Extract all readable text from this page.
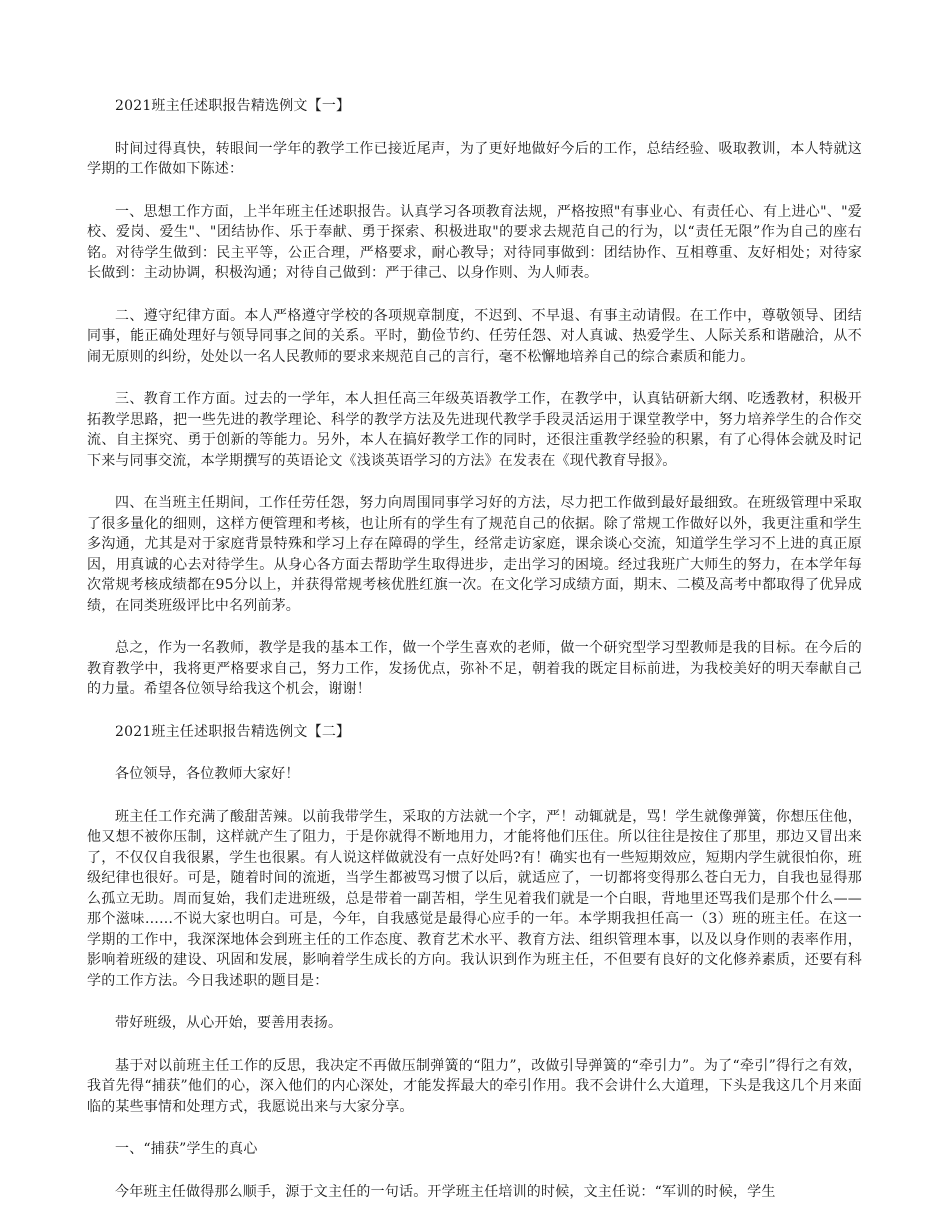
2021班主任述职报告精选例文【一】

时间过得真快，转眼间一学年的教学工作已接近尾声，为了更好地做好今后的工作，总结经验、吸取教训，本人特就这学期的工作做如下陈述：

一、思想工作方面，上半年班主任述职报告。认真学习各项教育法规，严格按照"有事业心、有责任心、有上进心"、"爱校、爱岗、爱生"、"团结协作、乐于奉献、勇于探索、积极进取"的要求去规范自己的行为，以“责任无限”作为自己的座右铭。对待学生做到：民主平等，公正合理，严格要求，耐心教导；对待同事做到：团结协作、互相尊重、友好相处；对待家长做到：主动协调，积极沟通；对待自己做到：严于律己、以身作则、为人师表。

二、遵守纪律方面。本人严格遵守学校的各项规章制度，不迟到、不早退、有事主动请假。在工作中，尊敬领导、团结同事，能正确处理好与领导同事之间的关系。平时，勤俭节约、任劳任怨、对人真诚、热爱学生、人际关系和谐融洽，从不闹无原则的纠纷，处处以一名人民教师的要求来规范自己的言行，毫不松懈地培养自己的综合素质和能力。

三、教育工作方面。过去的一学年，本人担任高三年级英语教学工作，在教学中，认真钻研新大纲、吃透教材，积极开拓教学思路，把一些先进的教学理论、科学的教学方法及先进现代教学手段灵活运用于课堂教学中，努力培养学生的合作交流、自主探究、勇于创新的等能力。另外，本人在搞好教学工作的同时，还很注重教学经验的积累，有了心得体会就及时记下来与同事交流，本学期撰写的英语论文《浅谈英语学习的方法》在发表在《现代教育导报》。

四、在当班主任期间，工作任劳任怨，努力向周围同事学习好的方法，尽力把工作做到最好最细致。在班级管理中采取了很多量化的细则，这样方便管理和考核，也让所有的学生有了规范自己的依据。除了常规工作做好以外，我更注重和学生多沟通，尤其是对于家庭背景特殊和学习上存在障碍的学生，经常走访家庭，课余谈心交流，知道学生学习不上进的真正原因，用真诚的心去对待学生。从身心各方面去帮助学生取得进步，走出学习的困境。经过我班广大师生的努力，在本学年每次常规考核成绩都在95分以上，并获得常规考核优胜红旗一次。在文化学习成绩方面，期末、二模及高考中都取得了优异成绩，在同类班级评比中名列前茅。

总之，作为一名教师，教学是我的基本工作，做一个学生喜欢的老师，做一个研究型学习型教师是我的目标。在今后的教育教学中，我将更严格要求自己，努力工作，发扬优点，弥补不足，朝着我的既定目标前进，为我校美好的明天奉献自己的力量。希望各位领导给我这个机会，谢谢！

2021班主任述职报告精选例文【二】

各位领导，各位教师大家好！

班主任工作充满了酸甜苦辣。以前我带学生，采取的方法就一个字，严！动辄就是，骂！学生就像弹簧，你想压住他，他又想不被你压制，这样就产生了阻力，于是你就得不断地用力，才能将他们压住。所以往往是按住了那里，那边又冒出来了，不仅仅自我很累，学生也很累。有人说这样做就没有一点好处吗?有！确实也有一些短期效应，短期内学生就很怕你，班级纪律也很好。可是，随着时间的流逝，当学生都被骂习惯了以后，就适应了，一切都将变得那么苍白无力，自我也显得那么孤立无助。周而复始，我们走进班级，总是带着一副苦相，学生见着我们就是一个白眼，背地里还骂我们是那个什么——那个滋味……不说大家也明白。可是，今年，自我感觉是最得心应手的一年。本学期我担任高一（3）班的班主任。在这一学期的工作中，我深深地体会到班主任的工作态度、教育艺术水平、教育方法、组织管理本事，以及以身作则的表率作用，影响着班级的建设、巩固和发展，影响着学生成长的方向。我认识到作为班主任，不但要有良好的文化修养素质，还要有科学的工作方法。今日我述职的题目是：

带好班级，从心开始，要善用表扬。

基于对以前班主任工作的反思，我决定不再做压制弹簧的“阻力”，改做引导弹簧的“牵引力”。为了“牵引”得行之有效，我首先得“捕获”他们的心，深入他们的内心深处，才能发挥最大的牵引作用。我不会讲什么大道理，下头是我这几个月来面临的某些事情和处理方式，我愿说出来与大家分享。

一、“捕获”学生的真心

今年班主任做得那么顺手，源于文主任的一句话。开学班主任培训的时候，文主任说：“军训的时候，学生
